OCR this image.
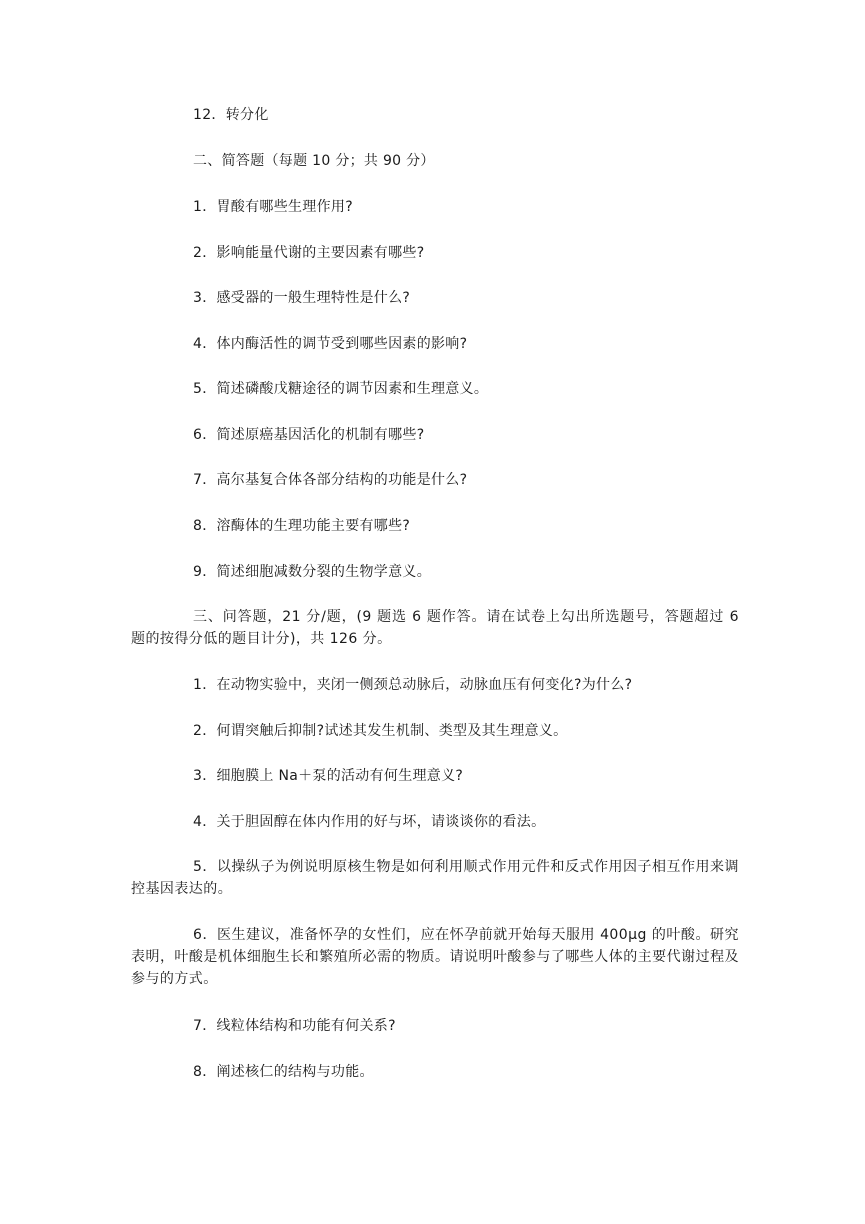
12．转分化
二、简答题（每题 10 分；共 90 分）
1．胃酸有哪些生理作用?
2．影响能量代谢的主要因素有哪些?
3．感受器的一般生理特性是什么?
4．体内酶活性的调节受到哪些因素的影响?
5．简述磷酸戊糖途径的调节因素和生理意义。
6．简述原癌基因活化的机制有哪些?
7．高尔基复合体各部分结构的功能是什么?
8．溶酶体的生理功能主要有哪些?
9．简述细胞减数分裂的生物学意义。
三、问答题，21 分/题，(9 题选 6 题作答。请在试卷上勾出所选题号，答题超过 6 题的按得分低的题目计分)，共 126 分。
1．在动物实验中，夹闭一侧颈总动脉后，动脉血压有何变化?为什么?
2．何谓突触后抑制?试述其发生机制、类型及其生理意义。
3．细胞膜上 Na＋泵的活动有何生理意义?
4．关于胆固醇在体内作用的好与坏，请谈谈你的看法。
5．以操纵子为例说明原核生物是如何利用顺式作用元件和反式作用因子相互作用来调控基因表达的。
6．医生建议，准备怀孕的女性们，应在怀孕前就开始每天服用 400μg 的叶酸。研究表明，叶酸是机体细胞生长和繁殖所必需的物质。请说明叶酸参与了哪些人体的主要代谢过程及参与的方式。
7．线粒体结构和功能有何关系?
8．阐述核仁的结构与功能。
